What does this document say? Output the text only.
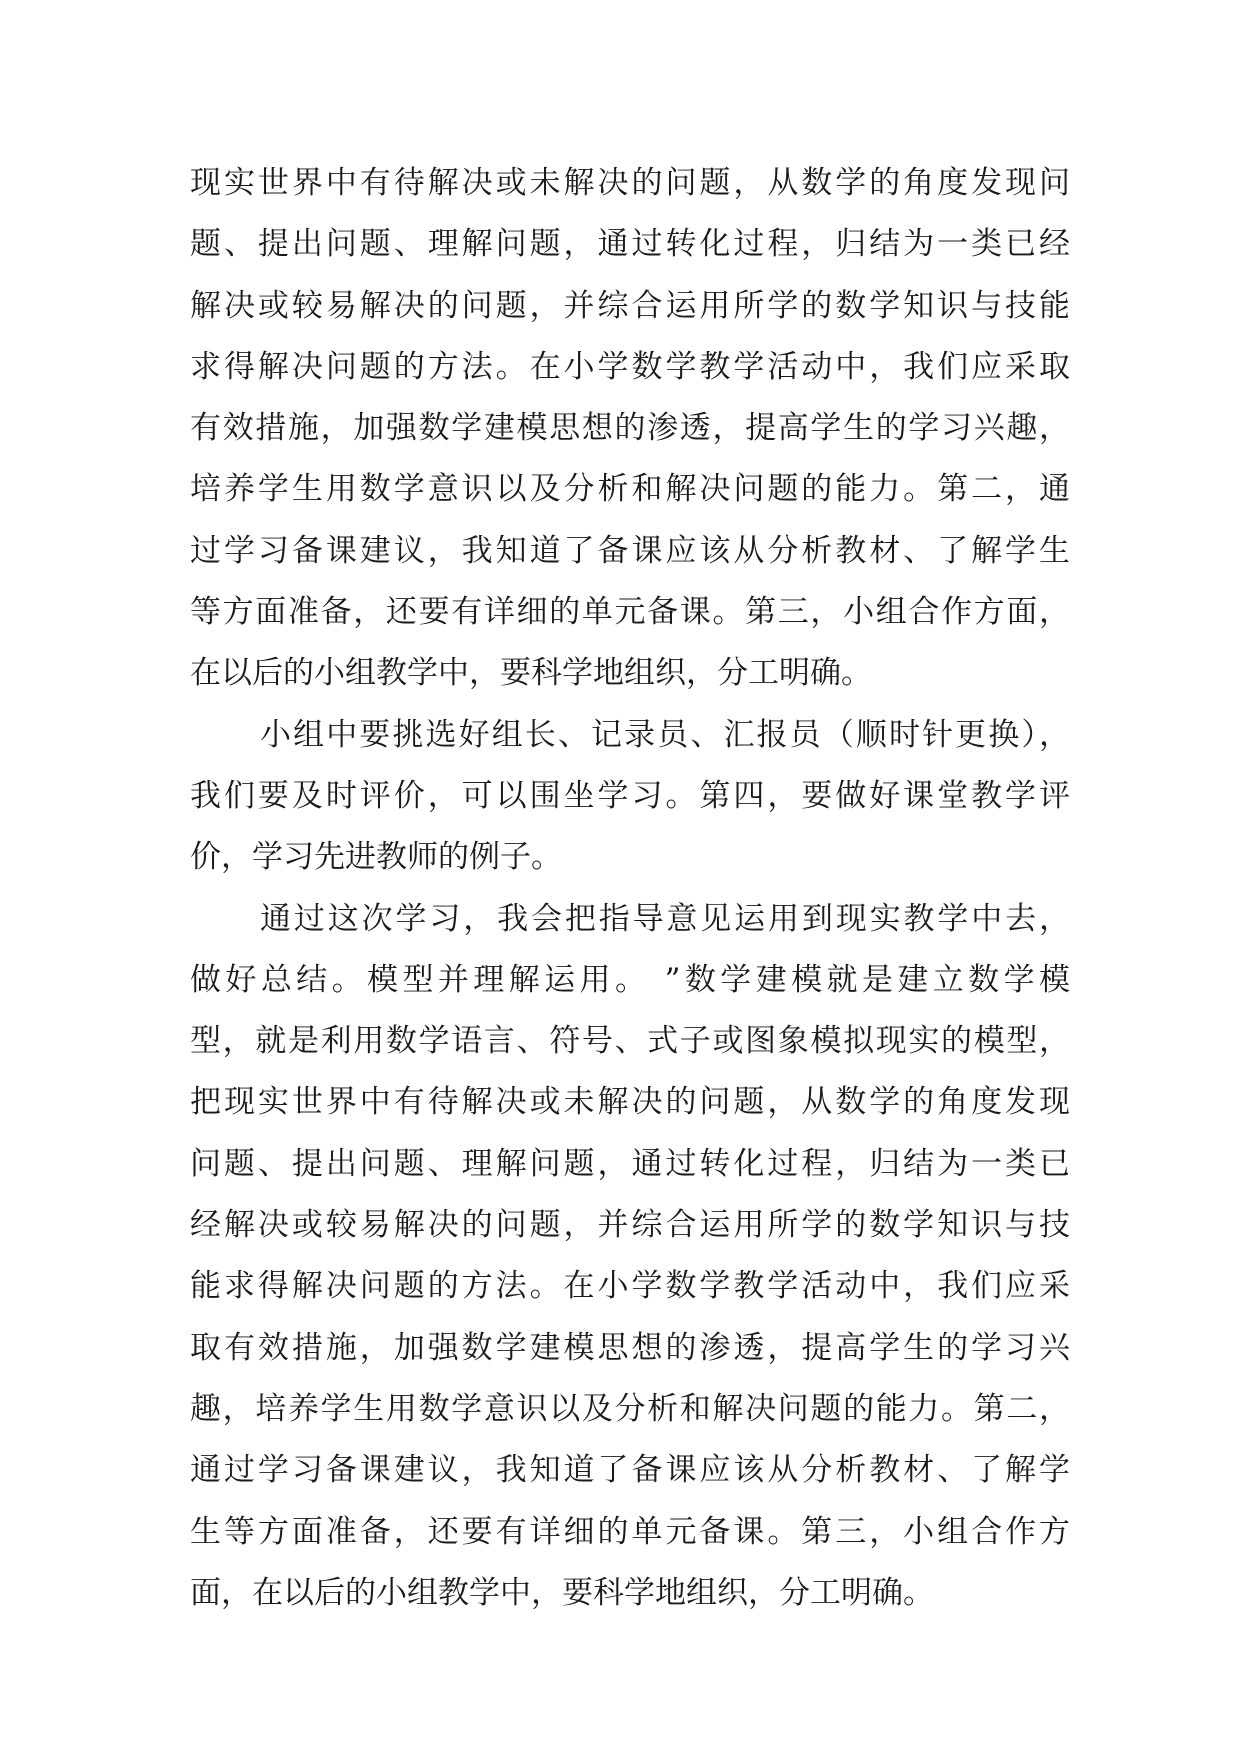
现实世界中有待解决或未解决的问题，从数学的角度发现问
题、提出问题、理解问题，通过转化过程，归结为一类已经
解决或较易解决的问题，并综合运用所学的数学知识与技能
求得解决问题的方法。在小学数学教学活动中，我们应采取
有效措施，加强数学建模思想的渗透，提高学生的学习兴趣，
培养学生用数学意识以及分析和解决问题的能力。第二，通
过学习备课建议，我知道了备课应该从分析教材、了解学生
等方面准备，还要有详细的单元备课。第三，小组合作方面，
在以后的小组教学中，要科学地组织，分工明确。
小组中要挑选好组长、记录员、汇报员（顺时针更换），
我们要及时评价，可以围坐学习。第四，要做好课堂教学评
价，学习先进教师的例子。
通过这次学习，我会把指导意见运用到现实教学中去，
做好总结。模型并理解运用。 ”数学建模就是建立数学模
型，就是利用数学语言、符号、式子或图象模拟现实的模型，
把现实世界中有待解决或未解决的问题，从数学的角度发现
问题、提出问题、理解问题，通过转化过程，归结为一类已
经解决或较易解决的问题，并综合运用所学的数学知识与技
能求得解决问题的方法。在小学数学教学活动中，我们应采
取有效措施，加强数学建模思想的渗透，提高学生的学习兴
趣，培养学生用数学意识以及分析和解决问题的能力。第二，
通过学习备课建议，我知道了备课应该从分析教材、了解学
生等方面准备，还要有详细的单元备课。第三，小组合作方
面，在以后的小组教学中，要科学地组织，分工明确。
